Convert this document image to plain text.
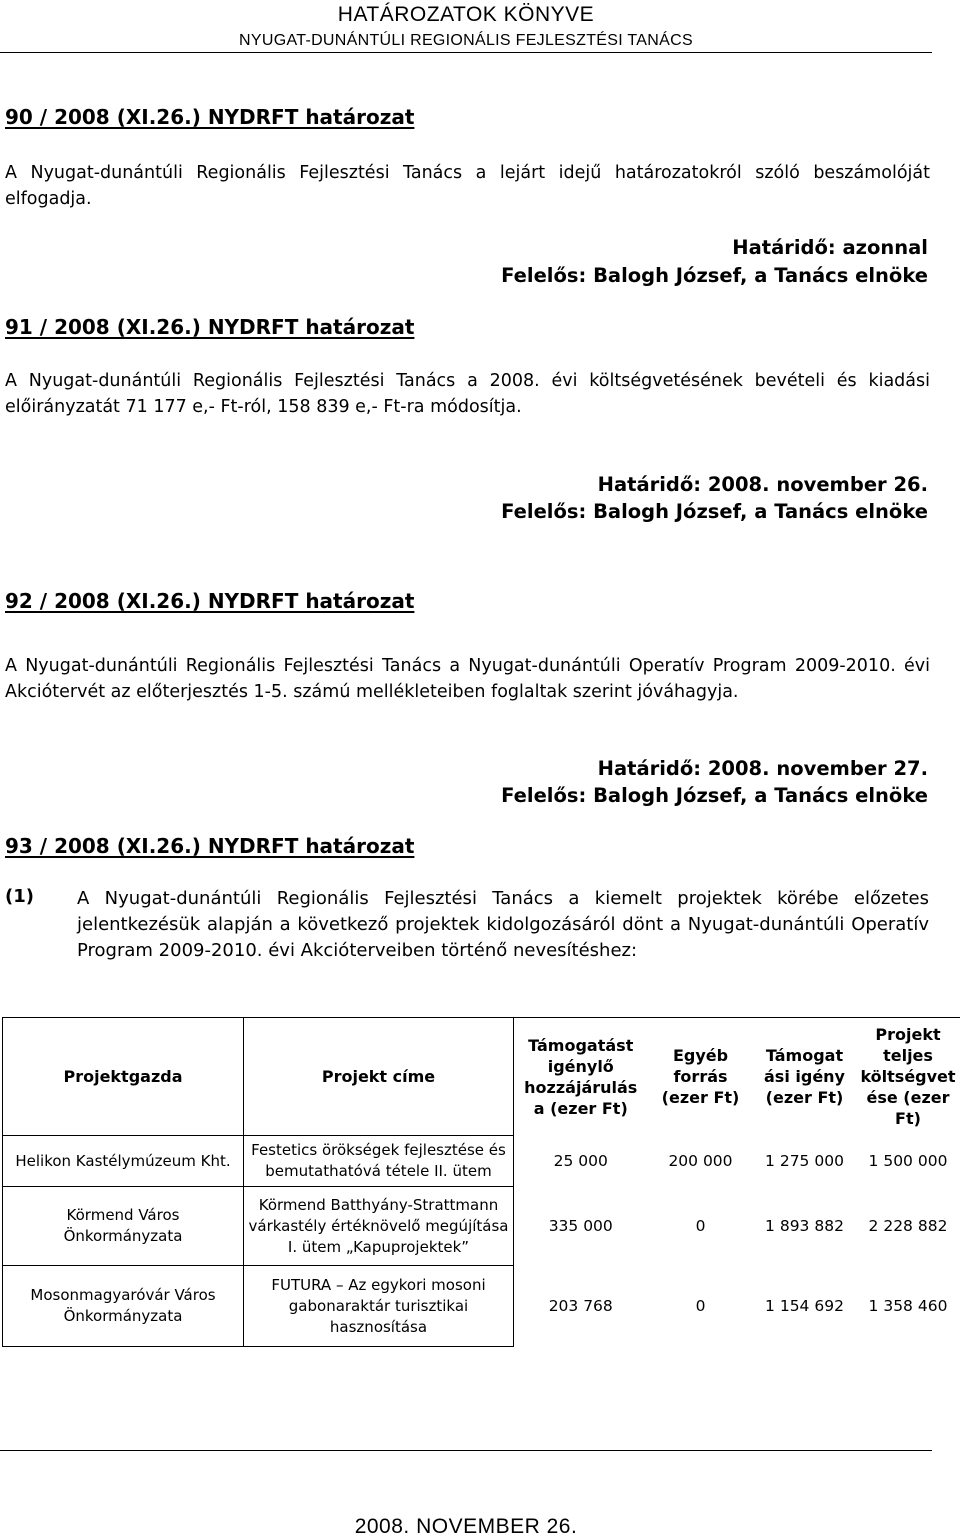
HATÁROZATOK KÖNYVE
NYUGAT-DUNÁNTÚLI REGIONÁLIS FEJLESZTÉSI TANÁCS
90 / 2008 (XI.26.) NYDRFT határozat
A Nyugat-dunántúli Regionális Fejlesztési Tanács a lejárt idejű határozatokról szóló beszámolóját elfogadja.
Határidő: azonnal
Felelős: Balogh József, a Tanács elnöke
91 / 2008 (XI.26.) NYDRFT határozat
A Nyugat-dunántúli Regionális Fejlesztési Tanács a 2008. évi költségvetésének bevételi és kiadási előirányzatát 71 177 e,- Ft-ról, 158 839 e,- Ft-ra módosítja.
Határidő: 2008. november 26.
Felelős: Balogh József, a Tanács elnöke
92 / 2008 (XI.26.) NYDRFT határozat
A Nyugat-dunántúli Regionális Fejlesztési Tanács a Nyugat-dunántúli Operatív Program 2009-2010. évi Akciótervét az előterjesztés 1-5. számú mellékleteiben foglaltak szerint jóváhagyja.
Határidő: 2008. november 27.
Felelős: Balogh József, a Tanács elnöke
93 / 2008 (XI.26.) NYDRFT határozat
(1) A Nyugat-dunántúli Regionális Fejlesztési Tanács a kiemelt projektek körébe előzetes jelentkezésük alapján a következő projektek kidolgozásáról dönt a Nyugat-dunántúli Operatív Program 2009-2010. évi Akcióterveiben történő nevesítéshez:
Projektgazda	Projekt címe	Támogatást igénylő hozzájárulás a (ezer Ft)	Egyéb forrás (ezer Ft)	Támogat ási igény (ezer Ft)	Projekt teljes költségvet ése (ezer Ft)
Helikon Kastélymúzeum Kht.	Festetics örökségek fejlesztése és bemutathatóvá tétele II. ütem	25 000	200 000	1 275 000	1 500 000
Körmend Város Önkormányzata	Körmend Batthyány-Strattmann várkastély értéknövelő megújítása I. ütem „Kapuprojektek”	335 000	0	1 893 882	2 228 882
Mosonmagyaróvár Város Önkormányzata	FUTURA – Az egykori mosoni gabonaraktár turisztikai hasznosítása	203 768	0	1 154 692	1 358 460
2008. NOVEMBER 26.
